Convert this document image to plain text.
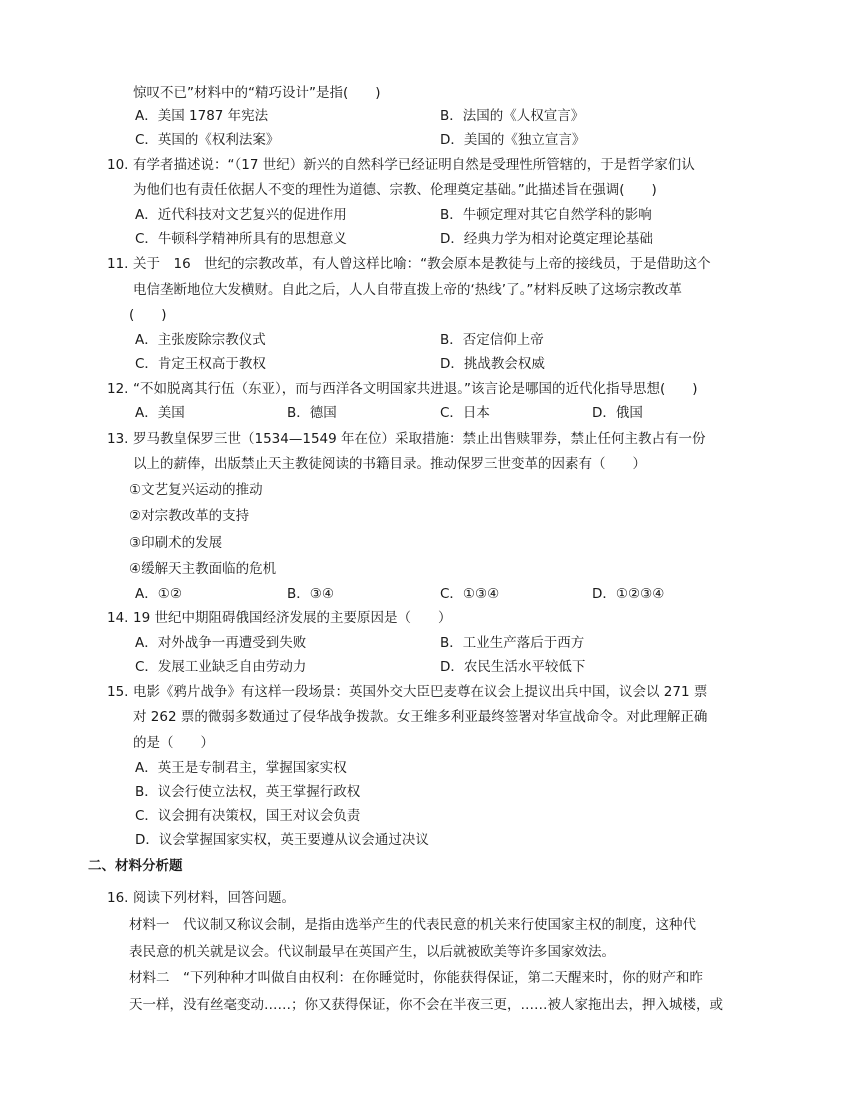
惊叹不已”材料中的“精巧设计”是指(　　)
A．美国 1787 年宪法	B．法国的《人权宣言》
C．英国的《权利法案》	D．美国的《独立宣言》
10. 有学者描述说：“（17 世纪）新兴的自然科学已经证明自然是受理性所管辖的，于是哲学家们认
为他们也有责任依据人不变的理性为道德、宗教、伦理奠定基础。”此描述旨在强调(　　)
A．近代科技对文艺复兴的促进作用	B．牛顿定理对其它自然学科的影响
C．牛顿科学精神所具有的思想意义	D．经典力学为相对论奠定理论基础
11. 关于　16　世纪的宗教改革，有人曾这样比喻：“教会原本是教徒与上帝的接线员，于是借助这个
电信垄断地位大发横财。自此之后，人人自带直拨上帝的‘热线’了。”材料反映了这场宗教改革
(　　)
A．主张废除宗教仪式	B．否定信仰上帝
C．肯定王权高于教权	D．挑战教会权威
12. “不如脱离其行伍（东亚），而与西洋各文明国家共进退。”该言论是哪国的近代化指导思想(　　)
A．美国	B．德国	C．日本	D．俄国
13. 罗马教皇保罗三世（1534—1549 年在位）采取措施：禁止出售赎罪券，禁止任何主教占有一份
以上的薪俸，出版禁止天主教徒阅读的书籍目录。推动保罗三世变革的因素有（　　）
①文艺复兴运动的推动
②对宗教改革的支持
③印刷术的发展
④缓解天主教面临的危机
A．①②	B．③④	C．①③④	D．①②③④
14. 19 世纪中期阻碍俄国经济发展的主要原因是（　　）
A．对外战争一再遭受到失败	B．工业生产落后于西方
C．发展工业缺乏自由劳动力	D．农民生活水平较低下
15. 电影《鸦片战争》有这样一段场景：英国外交大臣巴麦尊在议会上提议出兵中国，议会以 271 票
对 262 票的微弱多数通过了侵华战争拨款。女王维多利亚最终签署对华宣战命令。对此理解正确
的是（　　）
A．英王是专制君主，掌握国家实权
B．议会行使立法权，英王掌握行政权
C．议会拥有决策权，国王对议会负责
D．议会掌握国家实权，英王要遵从议会通过决议
二、材料分析题
16. 阅读下列材料，回答问题。
材料一　代议制又称议会制，是指由选举产生的代表民意的机关来行使国家主权的制度，这种代
表民意的机关就是议会。代议制最早在英国产生，以后就被欧美等许多国家效法。
材料二　“下列种种才叫做自由权利：在你睡觉时，你能获得保证，第二天醒来时，你的财产和昨
天一样，没有丝毫变动……；你又获得保证，你不会在半夜三更，……被人家拖出去，押入城楼，或
